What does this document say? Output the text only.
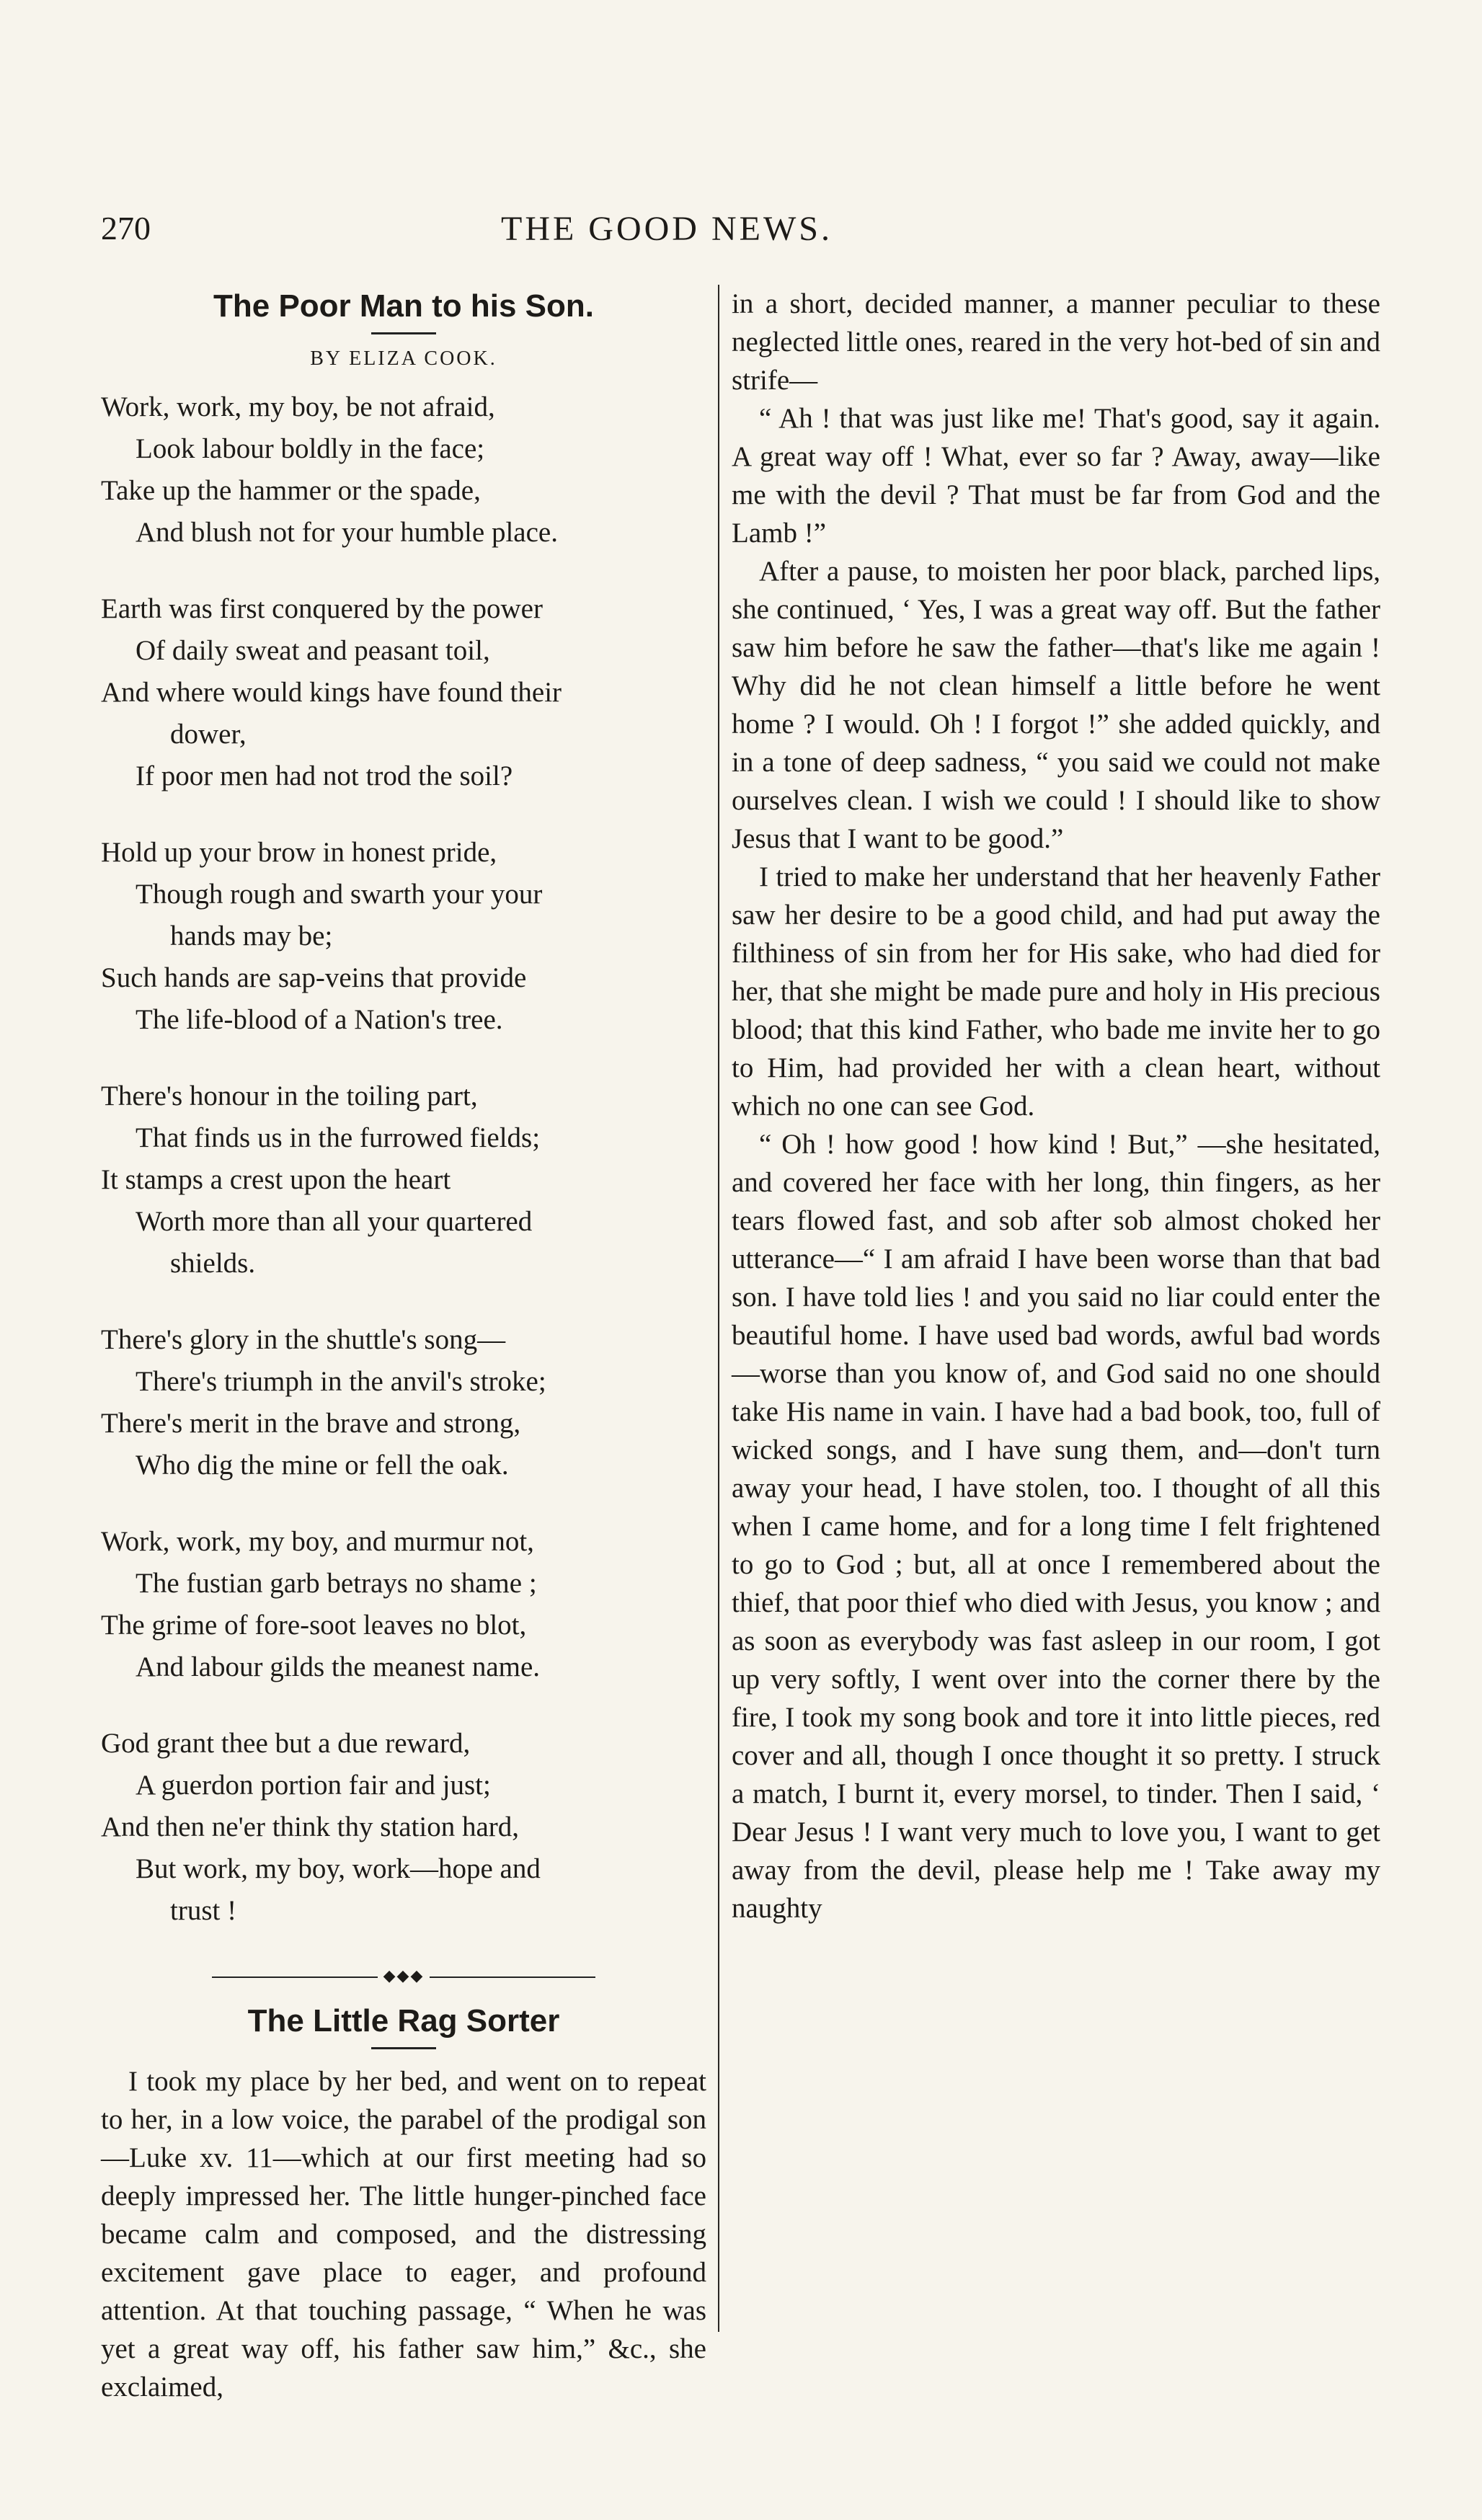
270	THE GOOD NEWS.
The Poor Man to his Son.
BY ELIZA COOK.
Work, work, my boy, be not afraid,
Look labour boldly in the face;
Take up the hammer or the spade,
And blush not for your humble place.
Earth was first conquered by the power
Of daily sweat and peasant toil,
And where would kings have found their
dower,
If poor men had not trod the soil?
Hold up your brow in honest pride,
Though rough and swarth your your
hands may be;
Such hands are sap-veins that provide
The life-blood of a Nation's tree.
There's honour in the toiling part,
That finds us in the furrowed fields;
It stamps a crest upon the heart
Worth more than all your quartered
shields.
There's glory in the shuttle's song—
There's triumph in the anvil's stroke;
There's merit in the brave and strong,
Who dig the mine or fell the oak.
Work, work, my boy, and murmur not,
The fustian garb betrays no shame ;
The grime of fore-soot leaves no blot,
And labour gilds the meanest name.
God grant thee but a due reward,
A guerdon portion fair and just;
And then ne'er think thy station hard,
But work, my boy, work—hope and
trust !
◆◆◆
The Little Rag Sorter

I took my place by her bed, and went on to repeat to her, in a low voice, the parabel of the prodigal son—Luke xv. 11—which at our first meeting had so deeply impressed her. The little hunger-pinched face became calm and composed, and the distressing excitement gave place to eager, and profound attention. At that touching passage, “ When he was yet a great way off, his father saw him,” &c., she exclaimed,

in a short, decided manner, a manner peculiar to these neglected little ones, reared in the very hot-bed of sin and strife—

“ Ah ! that was just like me! That's good, say it again. A great way off ! What, ever so far ? Away, away—like me with the devil ? That must be far from God and the Lamb !”

After a pause, to moisten her poor black, parched lips, she continued, ‘ Yes, I was a great way off. But the father saw him before he saw the father—that's like me again ! Why did he not clean himself a little before he went home ? I would. Oh ! I forgot !” she added quickly, and in a tone of deep sadness, “ you said we could not make ourselves clean. I wish we could ! I should like to show Jesus that I want to be good.”

I tried to make her understand that her heavenly Father saw her desire to be a good child, and had put away the filthiness of sin from her for His sake, who had died for her, that she might be made pure and holy in His precious blood; that this kind Father, who bade me invite her to go to Him, had provided her with a clean heart, without which no one can see God.

“ Oh ! how good ! how kind ! But,” —she hesitated, and covered her face with her long, thin fingers, as her tears flowed fast, and sob after sob almost choked her utterance—“ I am afraid I have been worse than that bad son. I have told lies ! and you said no liar could enter the beautiful home. I have used bad words, awful bad words—worse than you know of, and God said no one should take His name in vain. I have had a bad book, too, full of wicked songs, and I have sung them, and—don't turn away your head, I have stolen, too. I thought of all this when I came home, and for a long time I felt frightened to go to God ; but, all at once I remembered about the thief, that poor thief who died with Jesus, you know ; and as soon as everybody was fast asleep in our room, I got up very softly, I went over into the corner there by the fire, I took my song book and tore it into little pieces, red cover and all, though I once thought it so pretty. I struck a match, I burnt it, every morsel, to tinder. Then I said, ‘ Dear Jesus ! I want very much to love you, I want to get away from the devil, please help me ! Take away my naughty
